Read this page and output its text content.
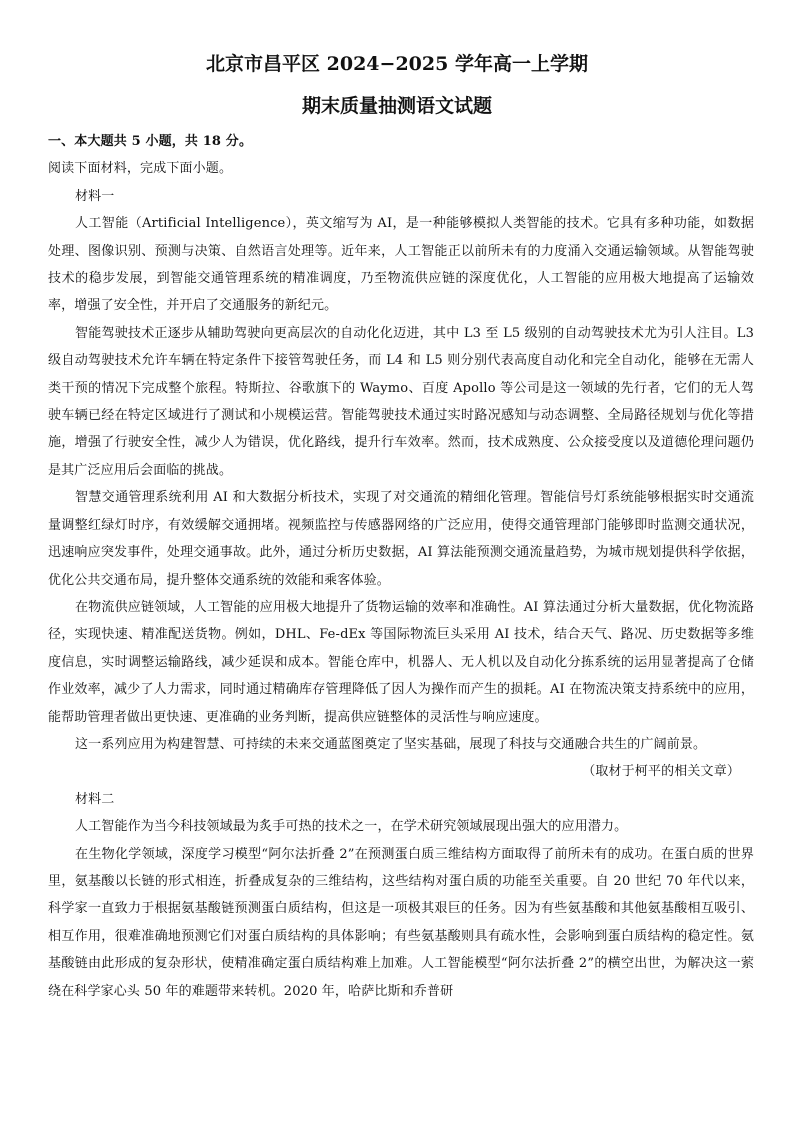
北京市昌平区 2024−2025 学年高一上学期
期末质量抽测语文试题

一、本大题共 5 小题，共 18 分。

阅读下面材料，完成下面小题。

材料一

人工智能（Artificial Intelligence），英文缩写为 AI，是一种能够模拟人类智能的技术。它具有多种功能，如数据处理、图像识别、预测与决策、自然语言处理等。近年来，人工智能正以前所未有的力度涌入交通运输领域。从智能驾驶技术的稳步发展，到智能交通管理系统的精准调度，乃至物流供应链的深度优化，人工智能的应用极大地提高了运输效率，增强了安全性，并开启了交通服务的新纪元。

智能驾驶技术正逐步从辅助驾驶向更高层次的自动化化迈进，其中 L3 至 L5 级别的自动驾驶技术尤为引人注目。L3 级自动驾驶技术允许车辆在特定条件下接管驾驶任务，而 L4 和 L5 则分别代表高度自动化和完全自动化，能够在无需人类干预的情况下完成整个旅程。特斯拉、谷歌旗下的 Waymo、百度 Apollo 等公司是这一领域的先行者，它们的无人驾驶车辆已经在特定区域进行了测试和小规模运营。智能驾驶技术通过实时路况感知与动态调整、全局路径规划与优化等措施，增强了行驶安全性，减少人为错误，优化路线，提升行车效率。然而，技术成熟度、公众接受度以及道德伦理问题仍是其广泛应用后会面临的挑战。

智慧交通管理系统利用 AI 和大数据分析技术，实现了对交通流的精细化管理。智能信号灯系统能够根据实时交通流量调整红绿灯时序，有效缓解交通拥堵。视频监控与传感器网络的广泛应用，使得交通管理部门能够即时监测交通状况，迅速响应突发事件，处理交通事故。此外，通过分析历史数据，AI 算法能预测交通流量趋势，为城市规划提供科学依据，优化公共交通布局，提升整体交通系统的效能和乘客体验。

在物流供应链领域，人工智能的应用极大地提升了货物运输的效率和准确性。AI 算法通过分析大量数据，优化物流路径，实现快速、精准配送货物。例如，DHL、Fe-dEx 等国际物流巨头采用 AI 技术，结合天气、路况、历史数据等多维度信息，实时调整运输路线，减少延误和成本。智能仓库中，机器人、无人机以及自动化分拣系统的运用显著提高了仓储作业效率，减少了人力需求，同时通过精确库存管理降低了因人为操作而产生的损耗。AI 在物流决策支持系统中的应用，能帮助管理者做出更快速、更准确的业务判断，提高供应链整体的灵活性与响应速度。

这一系列应用为构建智慧、可持续的未来交通蓝图奠定了坚实基础，展现了科技与交通融合共生的广阔前景。

（取材于柯平的相关文章）

材料二

人工智能作为当今科技领域最为炙手可热的技术之一，在学术研究领域展现出强大的应用潜力。

在生物化学领域，深度学习模型“阿尔法折叠 2”在预测蛋白质三维结构方面取得了前所未有的成功。在蛋白质的世界里，氨基酸以长链的形式相连，折叠成复杂的三维结构，这些结构对蛋白质的功能至关重要。自 20 世纪 70 年代以来，科学家一直致力于根据氨基酸链预测蛋白质结构，但这是一项极其艰巨的任务。因为有些氨基酸和其他氨基酸相互吸引、相互作用，很难准确地预测它们对蛋白质结构的具体影响；有些氨基酸则具有疏水性，会影响到蛋白质结构的稳定性。氨基酸链由此形成的复杂形状，使精准确定蛋白质结构难上加难。人工智能模型“阿尔法折叠 2”的横空出世，为解决这一萦绕在科学家心头 50 年的难题带来转机。2020 年，哈萨比斯和乔普研
